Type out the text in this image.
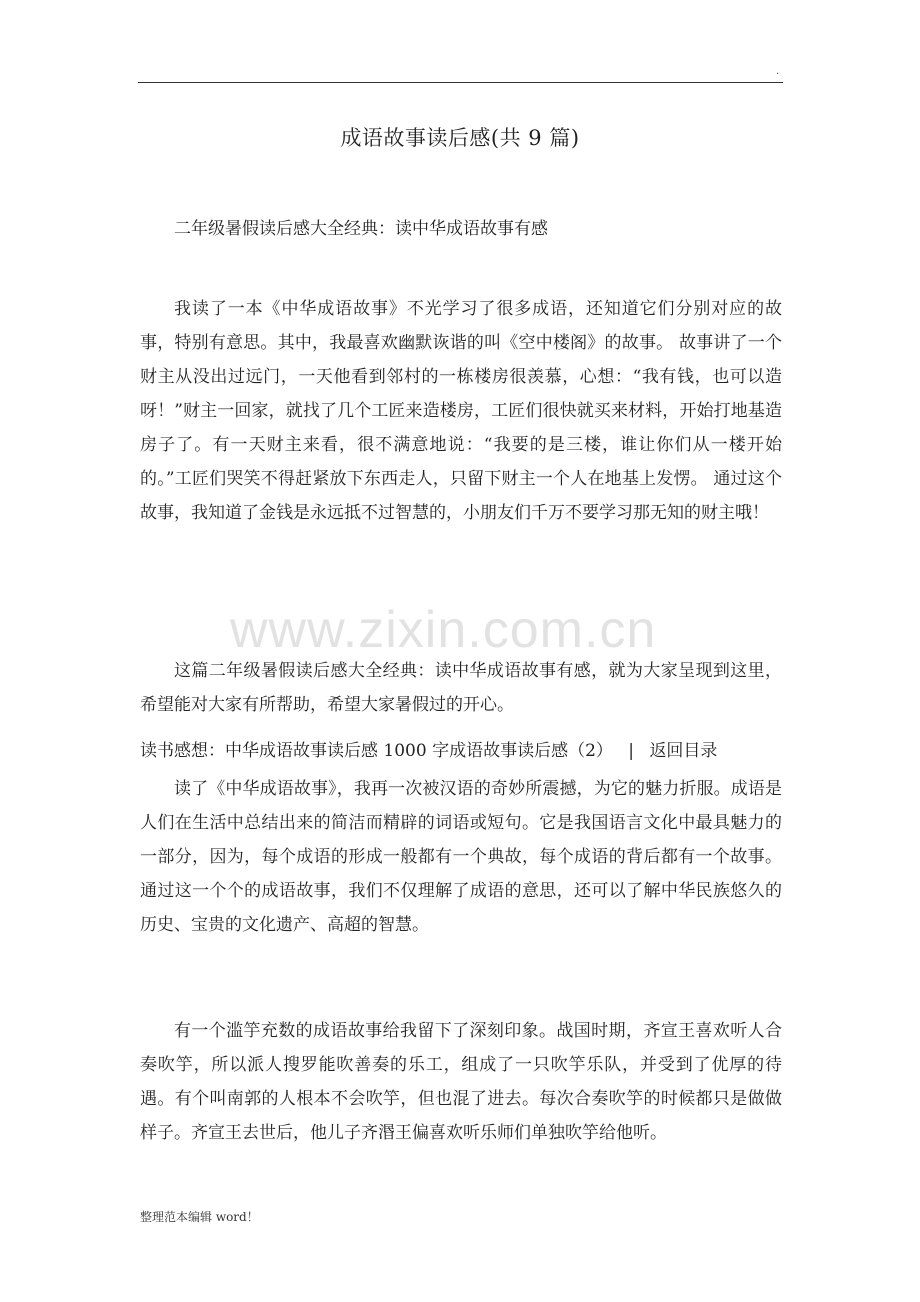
.
成语故事读后感(共 9 篇)

二年级暑假读后感大全经典：读中华成语故事有感

我读了一本《中华成语故事》不光学习了很多成语，还知道它们分别对应的故事，特别有意思。其中，我最喜欢幽默诙谐的叫《空中楼阁》的故事。 故事讲了一个财主从没出过远门，一天他看到邻村的一栋楼房很羡慕，心想：“我有钱，也可以造呀！”财主一回家，就找了几个工匠来造楼房，工匠们很快就买来材料，开始打地基造房子了。有一天财主来看，很不满意地说：“我要的是三楼，谁让你们从一楼开始的。”工匠们哭笑不得赶紧放下东西走人，只留下财主一个人在地基上发愣。 通过这个故事，我知道了金钱是永远抵不过智慧的，小朋友们千万不要学习那无知的财主哦！

www.zixin.com.cn

这篇二年级暑假读后感大全经典：读中华成语故事有感，就为大家呈现到这里，希望能对大家有所帮助，希望大家暑假过的开心。

读书感想：中华成语故事读后感 1000 字成语故事读后感（2） | 返回目录

读了《中华成语故事》，我再一次被汉语的奇妙所震撼，为它的魅力折服。成语是人们在生活中总结出来的简洁而精辟的词语或短句。它是我国语言文化中最具魅力的一部分，因为，每个成语的形成一般都有一个典故，每个成语的背后都有一个故事。通过这一个个的成语故事，我们不仅理解了成语的意思，还可以了解中华民族悠久的历史、宝贵的文化遗产、高超的智慧。

有一个滥竽充数的成语故事给我留下了深刻印象。战国时期，齐宣王喜欢听人合奏吹竽，所以派人搜罗能吹善奏的乐工，组成了一只吹竽乐队，并受到了优厚的待遇。有个叫南郭的人根本不会吹竽，但也混了进去。每次合奏吹竽的时候都只是做做样子。齐宣王去世后，他儿子齐湣王偏喜欢听乐师们单独吹竽给他听。

整理范本编辑 word！
